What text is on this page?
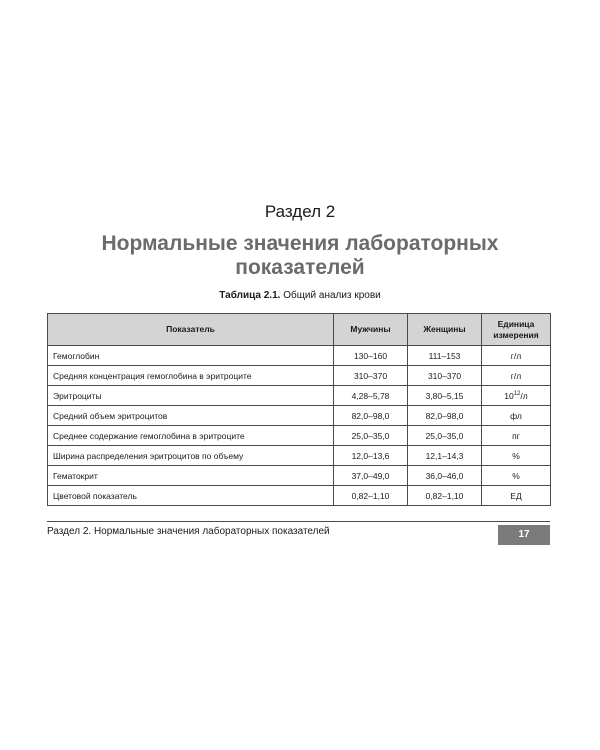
Раздел 2
Нормальные значения лабораторных
показателей
Таблица 2.1. Общий анализ крови
Показатель	Мужчины	Женщины	Единица
измерения
Гемоглобин	130–160	111–153	г/л
Средняя концентрация гемоглобина в эритроците	310–370	310–370	г/л
Эритроциты	4,28–5,78	3,80–5,15	$10^{12}/л$
Средний объем эритроцитов	82,0–98,0	82,0–98,0	фл
Среднее содержание гемоглобина в эритроците	25,0–35,0	25,0–35,0	пг
Ширина распределения эритроцитов по объему	12,0–13,6	12,1–14,3	%
Гематокрит	37,0–49,0	36,0–46,0	%
Цветовой показатель	0,82–1,10	0,82–1,10	ЕД
Раздел 2. Нормальные значения лабораторных показателей	17
